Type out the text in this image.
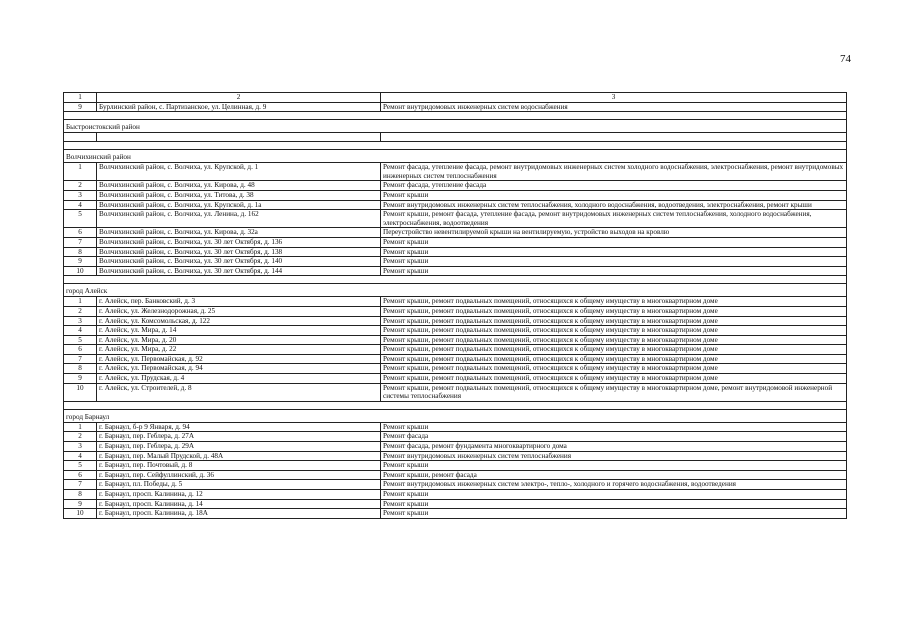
74
1	2	3
9	Бурлинский район, с. Партизанское, ул. Целинная, д. 9	Ремонт внутридомовых инженерных систем водоснабжения

Быстроистокский район		

Волчихинский район		
1	Волчихинский район, с. Волчиха, ул. Крупской, д. 1	Ремонт фасада, утепление фасада, ремонт внутридомовых инженерных систем холодного водоснабжения, электроснабжения, ремонт внутридомовых инженерных систем теплоснабжения
2	Волчихинский район, с. Волчиха, ул. Кирова, д. 48	Ремонт фасада, утепление фасада
3	Волчихинский район, с. Волчиха, ул. Титова, д. 38	Ремонт крыши
4	Волчихинский район, с. Волчиха, ул. Крупской, д. 1а	Ремонт внутридомовых инженерных систем теплоснабжения, холодного водоснабжения, водоотведения, электроснабжения, ремонт крыши
5	Волчихинский район, с. Волчиха, ул. Ленина, д. 162	Ремонт крыши, ремонт фасада, утепление фасада, ремонт внутридомовых инженерных систем теплоснабжения, холодного водоснабжения, электроснабжения, водоотведения
6	Волчихинский район, с. Волчиха, ул. Кирова, д. 32а	Переустройство невентилируемой крыши на вентилируемую, устройство выходов на кровлю
7	Волчихинский район, с. Волчиха, ул. 30 лет Октября, д. 136	Ремонт крыши
8	Волчихинский район, с. Волчиха, ул. 30 лет Октября, д. 138	Ремонт крыши
9	Волчихинский район, с. Волчиха, ул. 30 лет Октября, д. 140	Ремонт крыши
10	Волчихинский район, с. Волчиха, ул. 30 лет Октября, д. 144	Ремонт крыши

город Алейск		
1	г. Алейск, пер. Банковский, д. 3	Ремонт крыши, ремонт подвальных помещений, относящихся к общему имуществу в многоквартирном доме
2	г. Алейск, ул. Железнодорожная, д. 25	Ремонт крыши, ремонт подвальных помещений, относящихся к общему имуществу в многоквартирном доме
3	г. Алейск, ул. Комсомольская, д. 122	Ремонт крыши, ремонт подвальных помещений, относящихся к общему имуществу в многоквартирном доме
4	г. Алейск, ул. Мира, д. 14	Ремонт крыши, ремонт подвальных помещений, относящихся к общему имуществу в многоквартирном доме
5	г. Алейск, ул. Мира, д. 20	Ремонт крыши, ремонт подвальных помещений, относящихся к общему имуществу в многоквартирном доме
6	г. Алейск, ул. Мира, д. 22	Ремонт крыши, ремонт подвальных помещений, относящихся к общему имуществу в многоквартирном доме
7	г. Алейск, ул. Первомайская, д. 92	Ремонт крыши, ремонт подвальных помещений, относящихся к общему имуществу в многоквартирном доме
8	г. Алейск, ул. Первомайская, д. 94	Ремонт крыши, ремонт подвальных помещений, относящихся к общему имуществу в многоквартирном доме
9	г. Алейск, ул. Прудская, д. 4	Ремонт крыши, ремонт подвальных помещений, относящихся к общему имуществу в многоквартирном доме
10	г. Алейск, ул. Строителей, д. 8	Ремонт крыши, ремонт подвальных помещений, относящихся к общему имуществу в многоквартирном доме, ремонт внутридомовой инженерной системы теплоснабжения

город Барнаул		
1	г. Барнаул, б-р 9 Января, д. 94	Ремонт крыши
2	г. Барнаул, пер. Геблера, д. 27А	Ремонт фасада
3	г. Барнаул, пер. Геблера, д. 29А	Ремонт фасада, ремонт фундамента многоквартирного дома
4	г. Барнаул, пер. Малый Прудской, д. 48А	Ремонт внутридомовых инженерных систем теплоснабжения
5	г. Барнаул, пер. Почтовый, д. 8	Ремонт крыши
6	г. Барнаул, пер. Сейфуллинский, д. 36	Ремонт крыши, ремонт фасада
7	г. Барнаул, пл. Победы, д. 5	Ремонт внутридомовых инженерных систем электро-, тепло-, холодного и горячего водоснабжения, водоотведения
8	г. Барнаул, просп. Калинина, д. 12	Ремонт крыши
9	г. Барнаул, просп. Калинина, д. 14	Ремонт крыши
10	г. Барнаул, просп. Калинина, д. 18А	Ремонт крыши
